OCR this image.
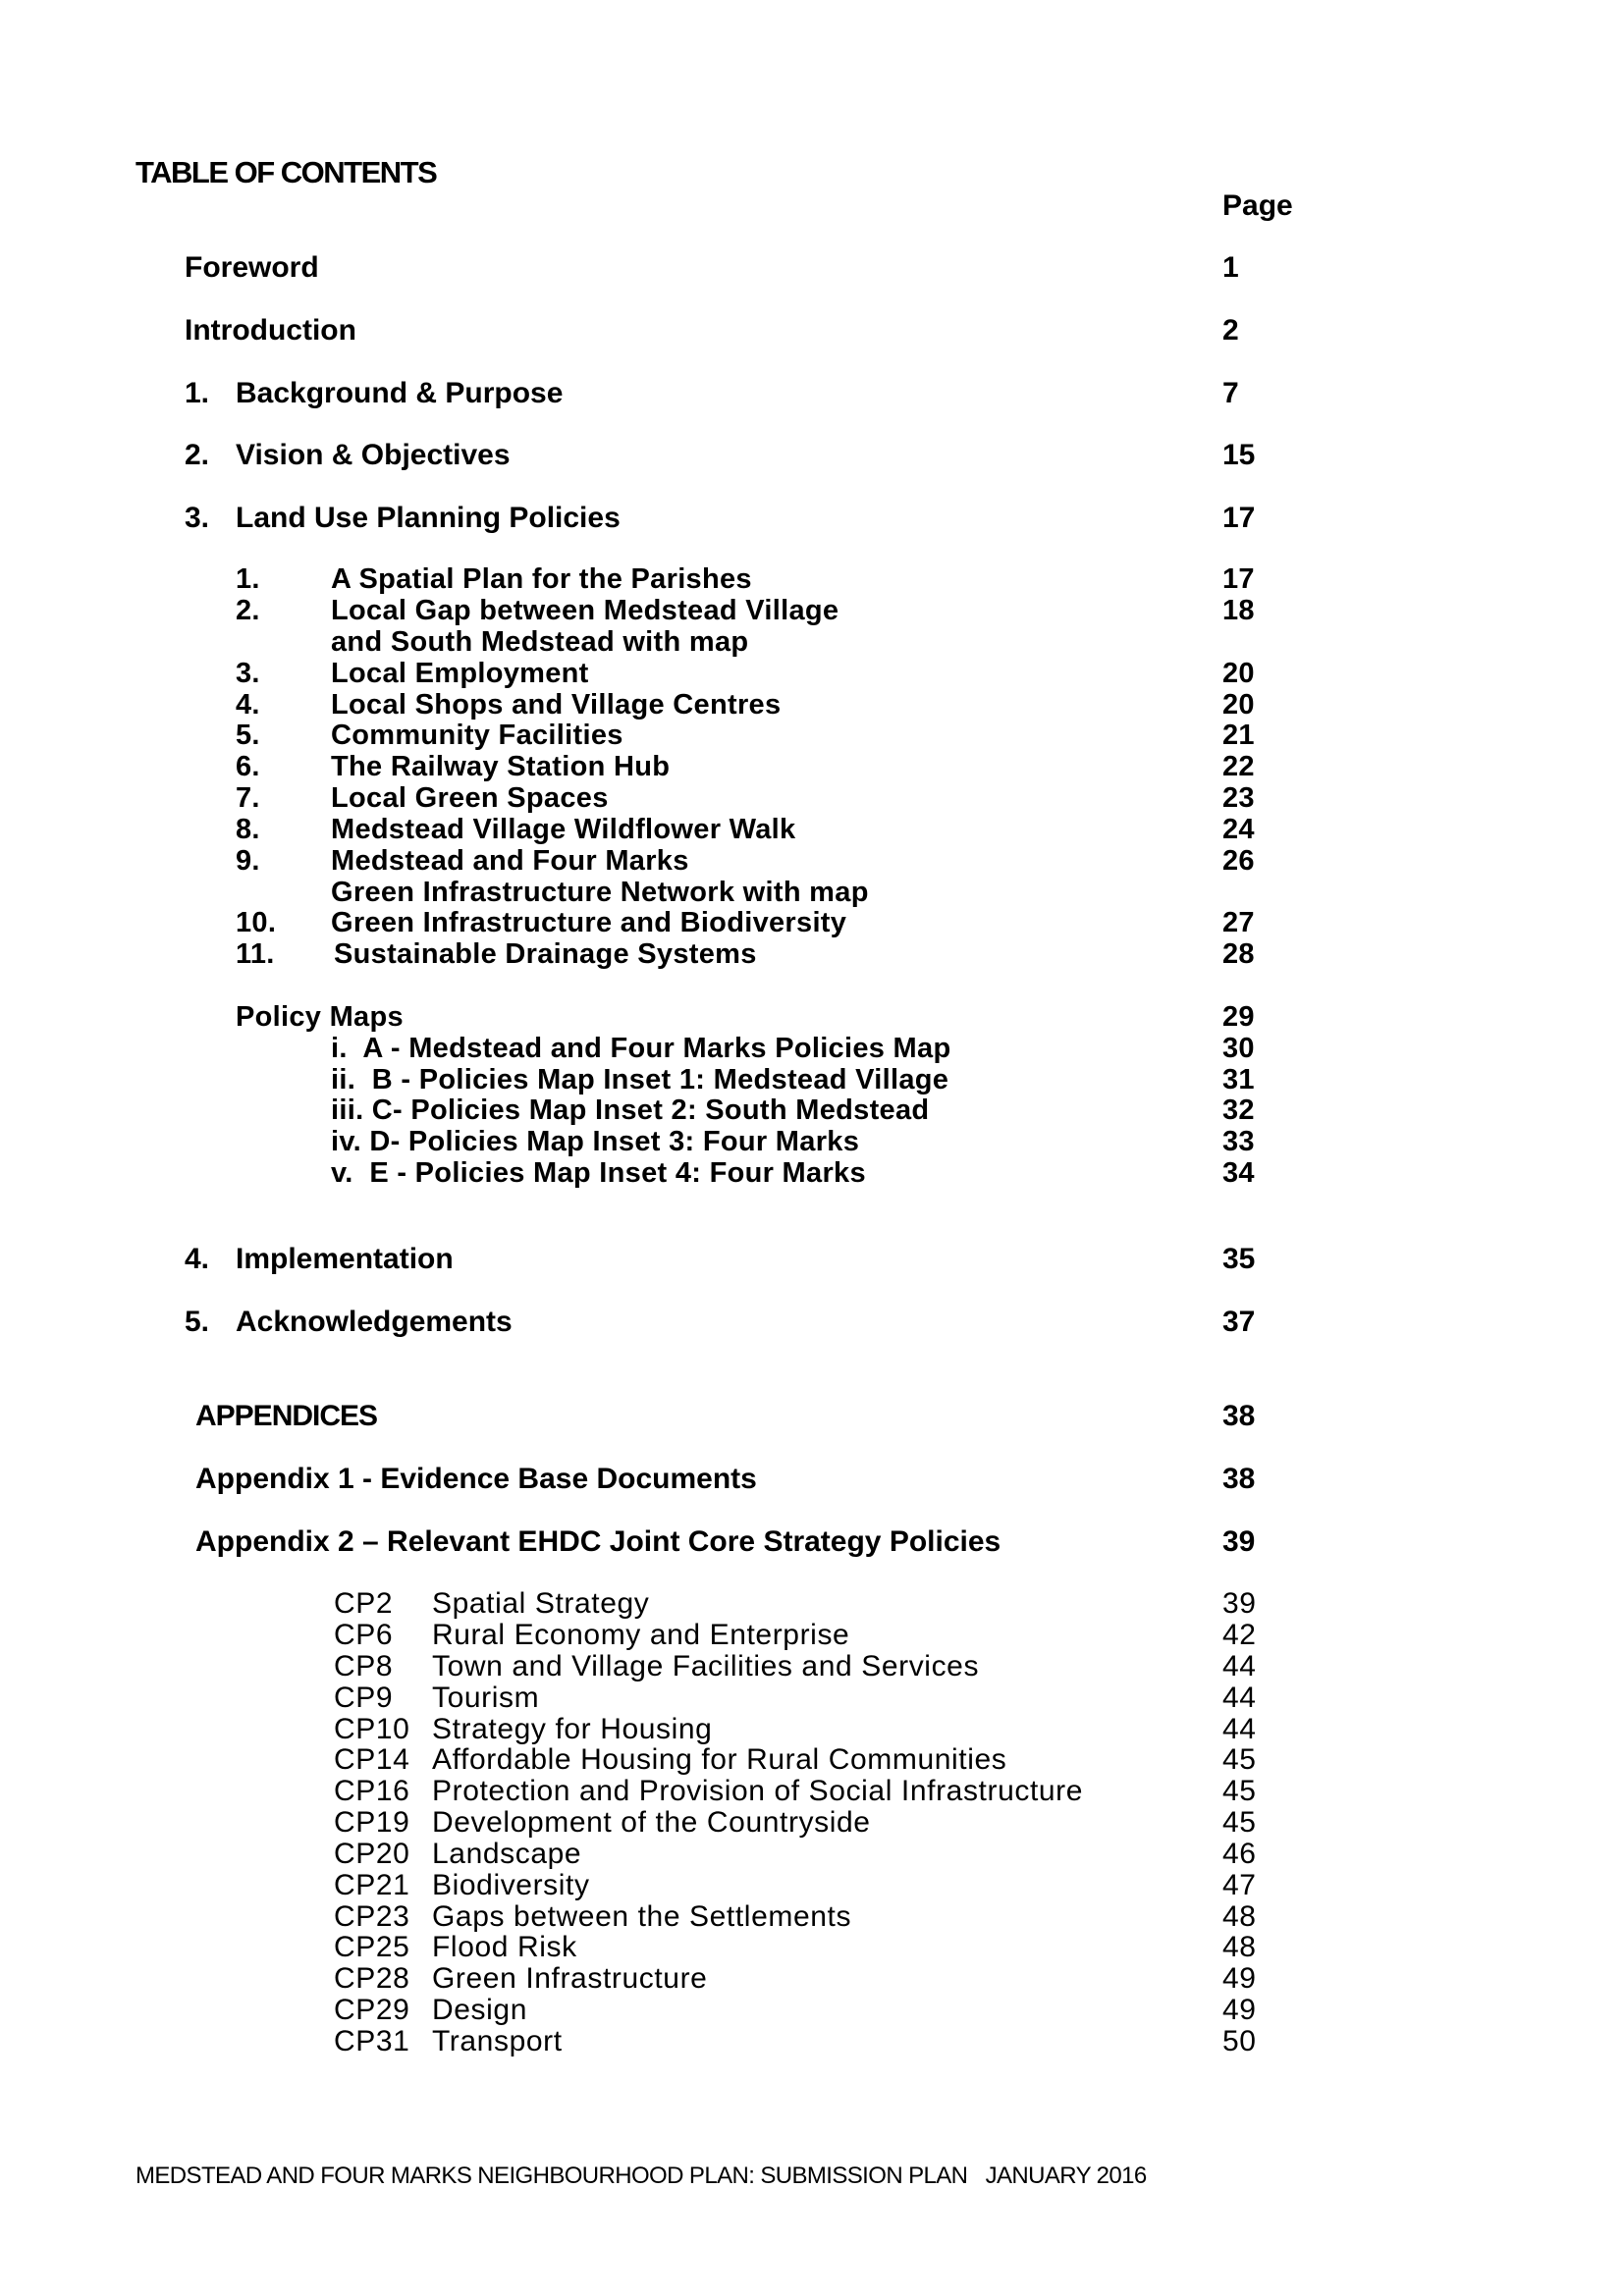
TABLE OF CONTENTS
Page
Foreword	1
Introduction	2
1. Background & Purpose	7
2. Vision & Objectives	15
3. Land Use Planning Policies	17
1. A Spatial Plan for the Parishes	17
2. Local Gap between Medstead Village	18
and South Medstead with map
3. Local Employment	20
4. Local Shops and Village Centres	20
5. Community Facilities	21
6. The Railway Station Hub	22
7. Local Green Spaces	23
8. Medstead Village Wildflower Walk	24
9. Medstead and Four Marks	26
Green Infrastructure Network with map
10. Green Infrastructure and Biodiversity	27
11. Sustainable Drainage Systems	28
Policy Maps	29
i.  A - Medstead and Four Marks Policies Map	30
ii.  B - Policies Map Inset 1: Medstead Village	31
iii. C- Policies Map Inset 2: South Medstead	32
iv. D- Policies Map Inset 3: Four Marks	33
v.  E - Policies Map Inset 4: Four Marks	34
4. Implementation	35
5. Acknowledgements	37
APPENDICES	38
Appendix 1 - Evidence Base Documents	38
Appendix 2 – Relevant EHDC Joint Core Strategy Policies	39
CP2 Spatial Strategy	39
CP6 Rural Economy and Enterprise	42
CP8 Town and Village Facilities and Services	44
CP9 Tourism	44
CP10 Strategy for Housing	44
CP14 Affordable Housing for Rural Communities	45
CP16 Protection and Provision of Social Infrastructure	45
CP19 Development of the Countryside	45
CP20 Landscape	46
CP21 Biodiversity	47
CP23 Gaps between the Settlements	48
CP25 Flood Risk	48
CP28 Green Infrastructure	49
CP29 Design	49
CP31 Transport	50
MEDSTEAD AND FOUR MARKS NEIGHBOURHOOD PLAN: SUBMISSION PLAN   JANUARY 2016
